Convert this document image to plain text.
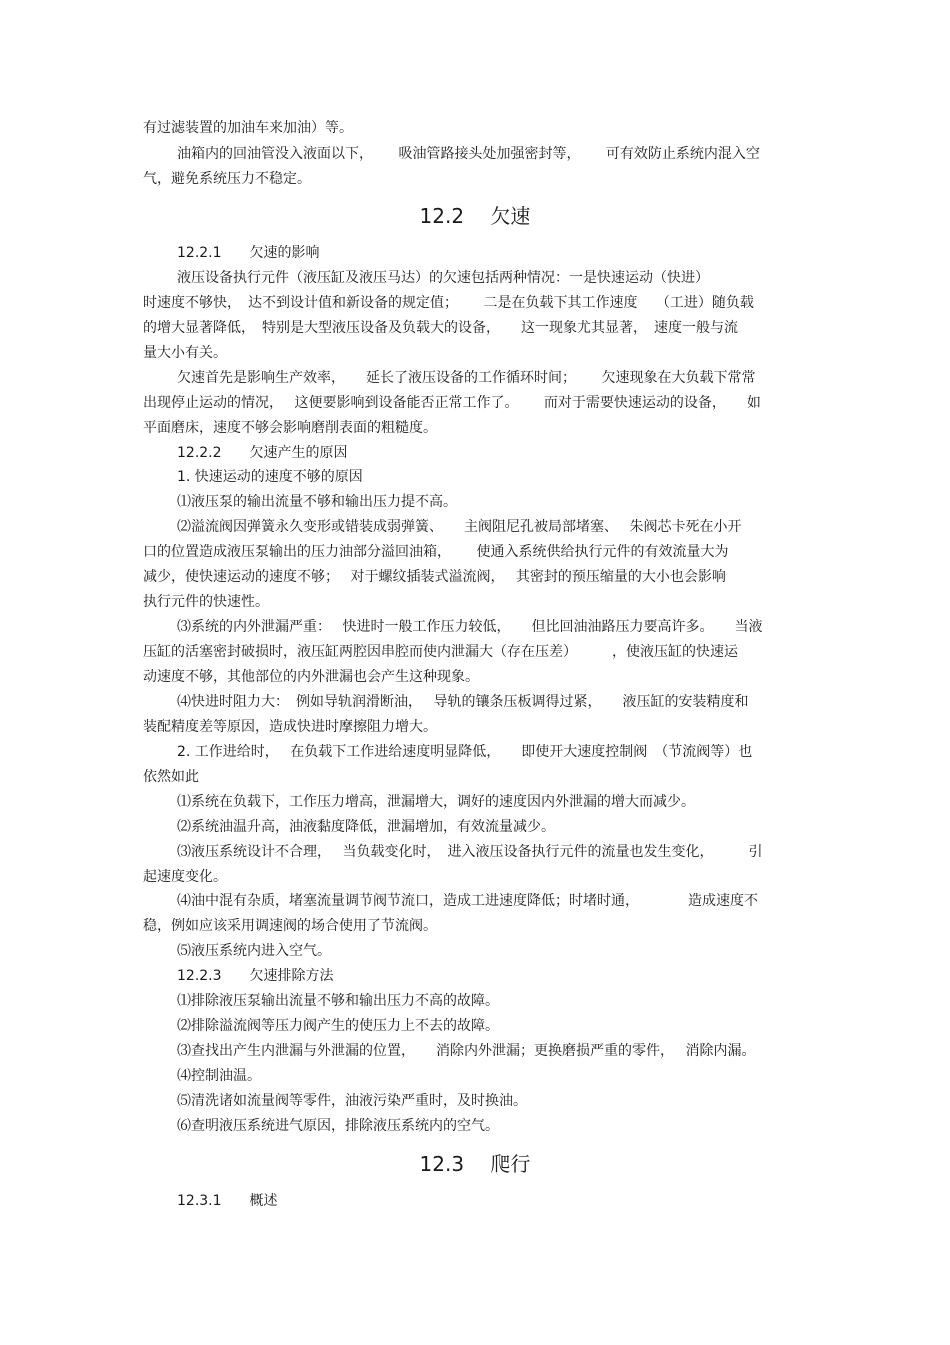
有过滤装置的加油车来加油）等。
油箱内的回油管没入液面以下，　　 吸油管路接头处加强密封等，　　 可有效防止系统内混入空
气，避免系统压力不稳定。
12.2　 欠速
12.2.1　　欠速的影响
液压设备执行元件（液压缸及液压马达）的欠速包括两种情况：一是快速运动（快进）
时速度不够快，　达不到设计值和新设备的规定值；　　 二是在负载下其工作速度　 （工进）随负载
的增大显著降低，　特别是大型液压设备及负载大的设备，　　这一现象尤其显著，　速度一般与流
量大小有关。
欠速首先是影响生产效率，　　延长了液压设备的工作循环时间；　　 欠速现象在大负载下常常
出现停止运动的情况，　 这便要影响到设备能否正常工作了。　　 而对于需要快速运动的设备，　　如
平面磨床，速度不够会影响磨削表面的粗糙度。
12.2.2　　欠速产生的原因
1. 快速运动的速度不够的原因
⑴液压泵的输出流量不够和输出压力提不高。
⑵溢流阀因弹簧永久变形或错装成弱弹簧、　　主阀阻尼孔被局部堵塞、　 朱阀芯卡死在小开
口的位置造成液压泵输出的压力油部分溢回油箱，　　 使通入系统供给执行元件的有效流量大为
减少，使快速运动的速度不够；　 对于螺纹插装式溢流阀，　 其密封的预压缩量的大小也会影响
执行元件的快速性。
⑶系统的内外泄漏严重：　 快进时一般工作压力较低，　　但比回油油路压力要高许多。　　当液
压缸的活塞密封破损时，液压缸两腔因串腔而使内泄漏大（存在压差）　　　，使液压缸的快速运
动速度不够，其他部位的内外泄漏也会产生这种现象。
⑷快进时阻力大：　例如导轨润滑断油，　 导轨的镶条压板调得过紧，　　液压缸的安装精度和
装配精度差等原因，造成快进时摩擦阻力增大。
2. 工作进给时，　 在负载下工作进给速度明显降低，　　即使开大速度控制阀　（节流阀等）也
依然如此
⑴系统在负载下，工作压力增高，泄漏增大，调好的速度因内外泄漏的增大而减少。
⑵系统油温升高，油液黏度降低，泄漏增加，有效流量减少。
⑶液压系统设计不合理，　 当负载变化时，　进入液压设备执行元件的流量也发生变化，　　　引
起速度变化。
⑷油中混有杂质，堵塞流量调节阀节流口，造成工进速度降低；时堵时通，　　　　造成速度不
稳，例如应该采用调速阀的场合使用了节流阀。
⑸液压系统内进入空气。
12.2.3　　欠速排除方法
⑴排除液压泵输出流量不够和输出压力不高的故障。
⑵排除溢流阀等压力阀产生的使压力上不去的故障。
⑶查找出产生内泄漏与外泄漏的位置，　　消除内外泄漏；更换磨损严重的零件，　 消除内漏。
⑷控制油温。
⑸清洗诸如流量阀等零件，油液污染严重时，及时换油。
⑹查明液压系统进气原因，排除液压系统内的空气。
12.3　 爬行
12.3.1　　概述
